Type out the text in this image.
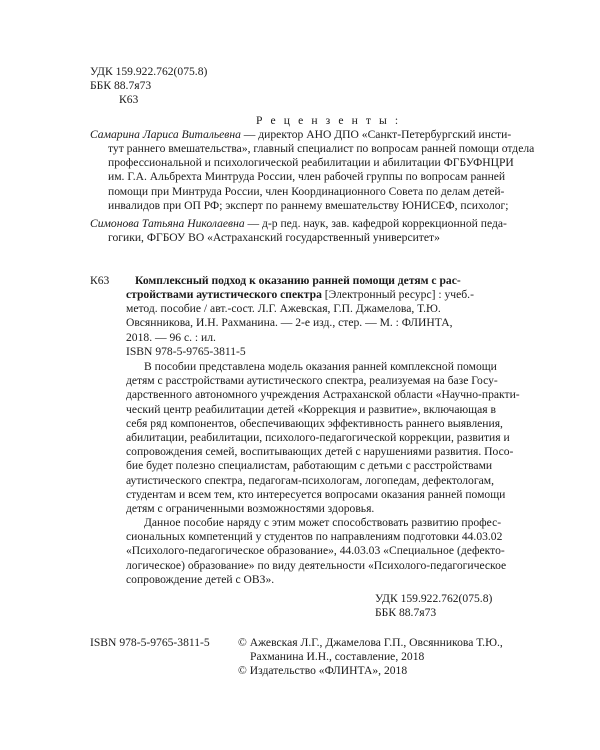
УДК 159.922.762(075.8)
ББК 88.7я73
К63
Р е ц е н з е н т ы :
Самарина Лариса Витальевна — директор АНО ДПО «Санкт-Петербургский инсти-
тут раннего вмешательства», главный специалист по вопросам ранней помощи отдела
профессиональной и психологической реабилитации и абилитации ФГБУФНЦРИ
им. Г.А. Альбрехта Минтруда России, член рабочей группы по вопросам ранней
помощи при Минтруда России, член Координационного Совета по делам детей-
инвалидов при ОП РФ; эксперт по раннему вмешательству ЮНИСЕФ, психолог;
Симонова Татьяна Николаевна — д-р пед. наук, зав. кафедрой коррекционной педа-
гогики, ФГБОУ ВО «Астраханский государственный университет»
К63 Комплексный подход к оказанию ранней помощи детям с рас-
стройствами аутистического спектра [Электронный ресурс] : учеб.-
метод. пособие / авт.-сост. Л.Г. Ажевская, Г.П. Джамелова, Т.Ю.
Овсянникова, И.Н. Рахманина. — 2-е изд., стер. — М. : ФЛИНТА,
2018. — 96 с. : ил.
ISBN 978-5-9765-3811-5
В пособии представлена модель оказания ранней комплексной помощи
детям с расстройствами аутистического спектра, реализуемая на базе Госу-
дарственного автономного учреждения Астраханской области «Научно-практи-
ческий центр реабилитации детей «Коррекция и развитие», включающая в
себя ряд компонентов, обеспечивающих эффективность раннего выявления,
абилитации, реабилитации, психолого-педагогической коррекции, развития и
сопровождения семей, воспитывающих детей с нарушениями развития. Посо-
бие будет полезно специалистам, работающим с детьми с расстройствами
аутистического спектра, педагогам-психологам, логопедам, дефектологам,
студентам и всем тем, кто интересуется вопросами оказания ранней помощи
детям с ограниченными возможностями здоровья.
Данное пособие наряду с этим может способствовать развитию профес-
сиональных компетенций у студентов по направлениям подготовки 44.03.02
«Психолого-педагогическое образование», 44.03.03 «Специальное (дефекто-
логическое) образование» по виду деятельности «Психолого-педагогическое
сопровождение детей с ОВЗ».
УДК 159.922.762(075.8)
ББК 88.7я73
ISBN 978-5-9765-3811-5 © Ажевская Л.Г., Джамелова Г.П., Овсянникова Т.Ю.,
Рахманина И.Н., составление, 2018
© Издательство «ФЛИНТА», 2018
